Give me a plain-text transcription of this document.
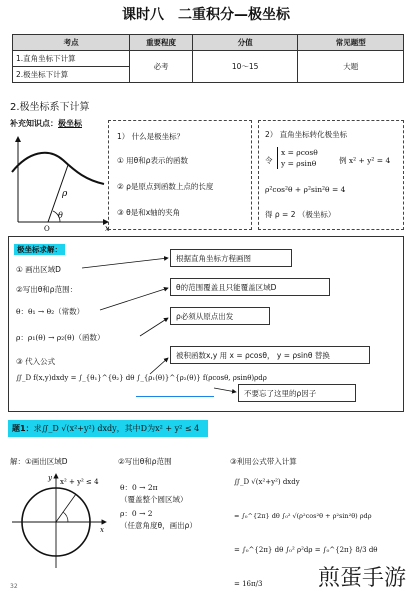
课时八　二重积分—极坐标
考点	重要程度	分值	常见题型
1.直角坐标下计算	必考	10～15	大题
2.极坐标下计算			
2.极坐标系下计算
补充知识点：极坐标
ρ
θ
x
O
1） 什么是极坐标？
① 用θ和ρ表示的函数
② ρ是原点到函数上点的长度
③ θ是和x轴的夹角
2） 直角坐标转化极坐标
令
x = ρcosθ
y = ρsinθ	例 x² + y² = 4
ρ²cos²θ + ρ²sin²θ = 4
得 ρ = 2 （极坐标）
极坐标求解：
① 画出区域D
②写出θ和ρ范围：
θ：θ₁ → θ₂（常数）
ρ：ρ₁(θ) → ρ₂(θ)（函数）
③ 代入公式
∬_D f(x,y)dxdy = ∫_{θ₁}^{θ₂} dθ ∫_{ρ₁(θ)}^{ρ₂(θ)} f(ρcosθ, ρsinθ)ρdρ
根据直角坐标方程画图
θ的范围覆盖且只能覆盖区域D
ρ必须从原点出发
被积函数x,y 用 x = ρcosθ， y = ρsinθ 替换
不要忘了这里的ρ因子
题1：求∬_D √(x²+y²) dxdy，其中D为x² + y² ≤ 4
解：①画出区域D
x² + y² ≤ 4
x
y
②写出θ和ρ范围
θ：0 → 2π
（覆盖整个圆区域）
ρ：0 → 2
（任意角度θ，画出ρ）
③利用公式带入计算
∬_D √(x²+y²) dxdy
= ∫₀^{2π} dθ ∫₀² √(ρ²cos²θ + ρ²sin²θ) ρdρ
= ∫₀^{2π} dθ ∫₀² ρ²dρ = ∫₀^{2π} 8/3 dθ
= 16π/3
32	煎蛋手游
